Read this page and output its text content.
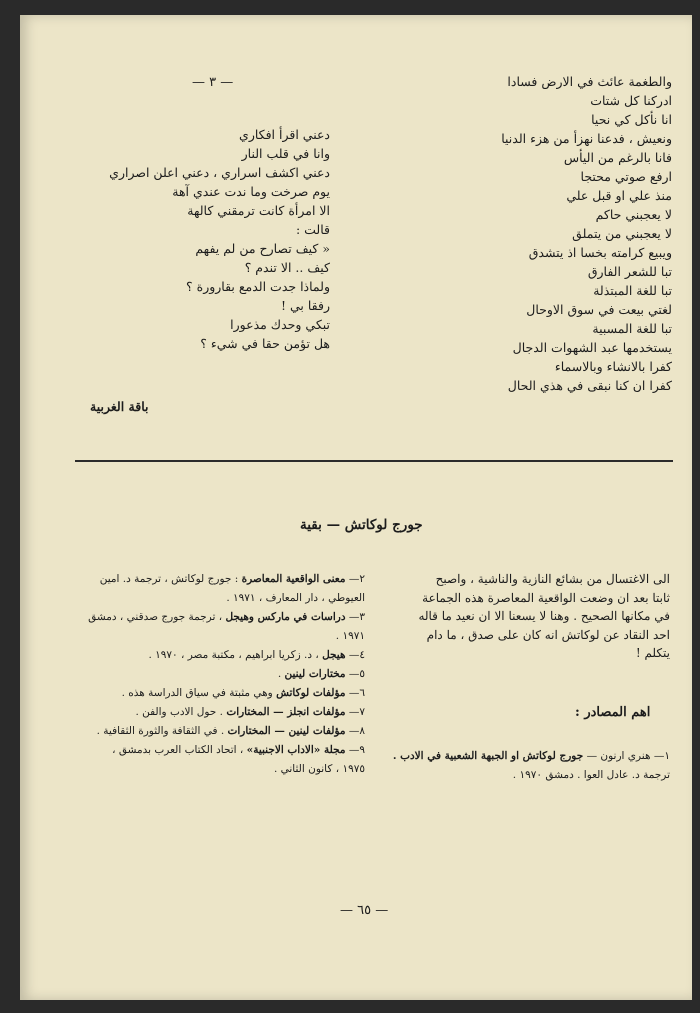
— ٣ —	والطغمة عائث في الارض فسادا
ادركنا كل شتات
انا نأكل كي نحيا
ونعيش ، فدعنا نهزأ من هزء الدنيا
فانا بالرغم من اليأس
ارفع صوتي محتجا
منذ علي او قبل علي
لا يعجبني حاكم
لا يعجبني من يتملق
ويبيع كرامته بخسا اذ يتشدق
تبا للشعر الفارق
تبا للغة المبتذلة
لغتي بيعت في سوق الاوحال
تبا للغة المسبية
يستخدمها عبد الشهوات الدجال
كفرا بالانشاء وبالاسماء
كفرا ان كنا نبقى في هذي الحال
دعني اقرأ افكاري
وانا في قلب النار
دعني اكشف اسراري ، دعني اعلن اصراري
يوم صرخت وما ندت عندي آهة
الا امرأة كانت ترمقني كالهة
قالت :
« كيف تصارح من لم يفهم
كيف .. الا تندم ؟
ولماذا جدت الدمع بقارورة ؟
رفقا بي !
تبكي وحدك مذعورا
هل تؤمن حقا في شيء ؟
باقة الغربية
جورج لوكاتش — بقية
الى الاغتسال من بشائع النازية والناشية ، واصبح
ثابتا بعد ان وضعت الواقعية المعاصرة هذه الجماعة
في مكانها الصحيح . وهنا لا يسعنا الا ان نعيد ما قاله
احد النقاد عن لوكاتش انه كان على صدق ، ما دام
يتكلم !
اهم المصادر :
١— هنري ارنون — جورج لوكاتش او الجبهة الشعبية في الادب .
ترجمة د. عادل العوا . دمشق ١٩٧٠ .
٢— معنى الواقعية المعاصرة : جورج لوكاتش ، ترجمة د. امين
العيوطي ، دار المعارف ، ١٩٧١ .
٣— دراسات في ماركس وهيجل ، ترجمة جورج صدقني ، دمشق
١٩٧١ .
٤— هيجل ، د. زكريا ابراهيم ، مكتبة مصر ، ١٩٧٠ .
٥— مختارات لينين .
٦— مؤلفات لوكاتش وهي مثبتة في سياق الدراسة هذه .
٧— مؤلفات انجلز — المختارات . حول الادب والفن .
٨— مؤلفات لينين — المختارات . في الثقافة والثورة الثقافية .
٩— مجلة «الاداب الاجنبية» ، اتحاد الكتاب العرب بدمشق ،
١٩٧٥ ، كانون الثاني .
— ٦٥ —
